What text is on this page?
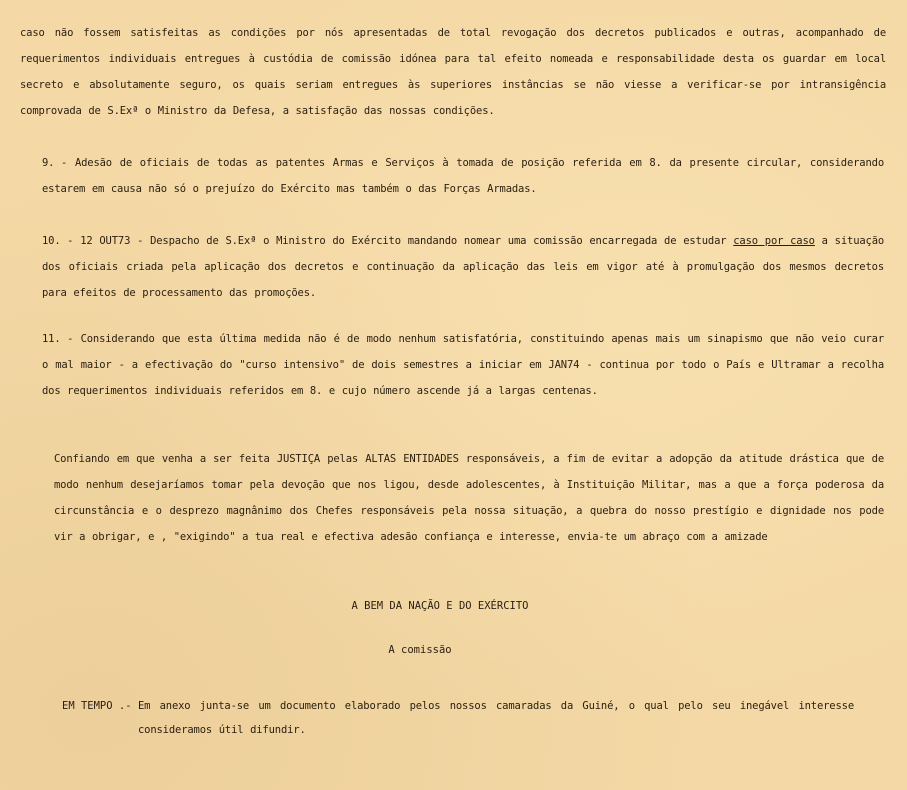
caso não fossem satisfeitas as condições por nós apresentadas de total revogação dos decretos publicados e outras, acompanhado de requerimentos individuais entregues à custódia de comissão idónea para tal efeito nomeada e responsabilidade desta os guardar em local secreto e absolutamente seguro, os quais seriam entregues às superiores instâncias se não viesse a verificar-se por intransigência comprovada de S.Exª o Ministro da Defesa, a satisfação das nossas condições.

9. - Adesão de oficiais de todas as patentes Armas e Serviços à tomada de posição referida em 8. da presente circular, considerando estarem em causa não só o prejuízo do Exército mas também o das Forças Armadas.

10. - 12 OUT73 - Despacho de S.Exª o Ministro do Exército mandando nomear uma comissão encarregada de estudar caso por caso a situação dos oficiais criada pela aplicação dos decretos e continuação da aplicação das leis em vigor até à promulgação dos mesmos decretos para efeitos de processamento das promoções.

11. - Considerando que esta última medida não é de modo nenhum satisfatória, constituindo apenas mais um sinapismo que não veio curar o mal maior - a efectivação do "curso intensivo" de dois semestres a iniciar em JAN74 - continua por todo o País e Ultramar a recolha dos requerimentos individuais referidos em 8. e cujo número ascende já a largas centenas.

Confiando em que venha a ser feita JUSTIÇA pelas ALTAS ENTIDADES responsáveis, a fim de evitar a adopção da atitude drástica que de modo nenhum desejaríamos tomar pela devoção que nos ligou, desde adolescentes, à Instituição Militar, mas a que a força poderosa da circunstância e o desprezo magnânimo dos Chefes responsáveis pela nossa situação, a quebra do nosso prestígio e dignidade nos pode vir a obrigar, e , "exigindo" a tua real e efectiva adesão confiança e interesse, envia-te um abraço com a amizade

A BEM DA NAÇÃO E DO EXÉRCITO

A comissão

EM TEMPO .- Em anexo junta-se um documento elaborado pelos nossos camaradas da Guiné, o qual pelo seu inegável interesse consideramos útil difundir.
